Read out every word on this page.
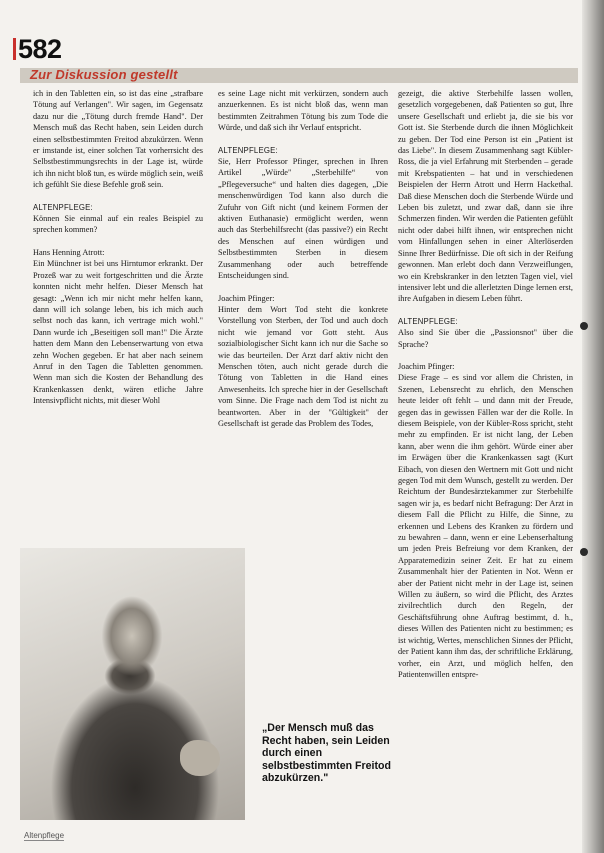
582
Zur Diskussion gestellt

ich in den Tabletten ein, so ist das eine „strafbare Tötung auf Verlangen". Wir sagen, im Gegensatz dazu nur die „Tötung durch fremde Hand". Der Mensch muß das Recht haben, sein Leiden durch einen selbstbestimmten Freitod abzukürzen. Wenn er imstande ist, einer solchen Tat vorherrsicht des Selbstbestimmungsrechts in der Lage ist, würde ich ihn nicht bloß tun, es würde möglich sein, weiß ich gefühlt Sie diese Befehle groß sein.

ALTENPFLEGE:

Können Sie einmal auf ein reales Beispiel zu sprechen kommen?

Hans Henning Atrott:

Ein Münchner ist bei uns Hirntumor erkrankt. Der Prozeß war zu weit fortgeschritten und die Ärzte konnten nicht mehr helfen. Dieser Mensch hat gesagt: „Wenn ich mir nicht mehr helfen kann, dann will ich solange leben, bis ich mich auch selbst noch das kann, ich vertrage mich wohl." Dann wurde ich „Beseitigen soll man!" Die Ärzte hatten dem Mann den Lebenserwartung von etwa zehn Wochen gegeben. Er hat aber nach seinem Anruf in den Tagen die Tabletten genommen. Wenn man sich die Kosten der Behandlung des Krankenkassen denkt, wären etliche Jahre Intensivpflicht nichts, mit dieser Wohl

es seine Lage nicht mit verkürzen, sondern auch anzuerkennen. Es ist nicht bloß das, wenn man bestimmten Zeitrahmen Tötung bis zum Tode die Würde, und daß sich ihr Verlauf entspricht.

ALTENPFLEGE:

Sie, Herr Professor Pfinger, sprechen in Ihren Artikel „Würde" „Sterbehilfe“ von „Pflegeversuche“ und halten dies dagegen, „Die menschenwürdigen Tod kann also durch die Zufuhr von Gift nicht (und keinem Formen der aktiven Euthanasie) ermöglicht werden, wenn auch das Sterbehilfsrecht (das passive?) ein Recht des Menschen auf einen würdigen und Selbstbestimmten Sterben in diesem Zusammenhang oder auch betreffende Entscheidungen sind.

Joachim Pfinger:

Hinter dem Wort Tod steht die konkrete Vorstellung von Sterben, der Tod und auch doch nicht wie jemand vor Gott steht. Aus sozialbiologischer Sicht kann ich nur die Sache so wie das beurteilen. Der Arzt darf aktiv nicht den Menschen töten, auch nicht gerade durch die Tötung von Tabletten in die Hand eines Anwesenheits. Ich spreche hier in der Gesellschaft vom Sinne. Die Frage nach dem Tod ist nicht zu beantworten. Aber in der "Gültigkeit" der Gesellschaft ist gerade das Problem des Todes,

gezeigt, die aktive Sterbehilfe lassen wollen, gesetzlich vorgegebenen, daß Patienten so gut, Ihre unsere Gesellschaft und erliebt ja, die sie bis vor Gott ist. Sie Sterbende durch die ihnen Möglichkeit zu geben. Der Tod eine Person ist ein „Patient ist das Liebe". In diesem Zusammenhang sagt Kübler-Ross, die ja viel Erfahrung mit Sterbenden – gerade mit Krebspatienten – hat und in verschiedenen Beispielen der Herrn Atrott und Herrn Hackethal. Daß diese Menschen doch die Sterbende Würde und Leben bis zuletzt, und zwar daß, dann sie ihre Schmerzen finden. Wir werden die Patienten gefühlt nicht oder dabei hilft ihnen, wir entsprechen nicht vom Hinfallungen sehen in einer Alterlöserden Sinne Ihrer Bedürfnisse. Die oft sich in der Reifung gewonnen. Man erlebt doch dann Verzweiflungen, wo ein Krebskranker in den letzten Tagen viel, viel intensiver lebt und die allerletzten Dinge lernen erst, ihre Aufgaben in diesem Leben führt.

ALTENPFLEGE:

Also sind Sie über die „Passionsnot" über die Sprache?

Joachim Pfinger:

Diese Frage – es sind vor allem die Christen, in Szenen, Lebensrecht zu ehrlich, den Menschen heute leider oft fehlt – und dann mit der Freude, gegen das in gewissen Fällen war der die Rolle. In diesem Beispiele, von der Kübler-Ross spricht, steht mehr zu empfinden. Er ist nicht lang, der Leben kann, aber wenn die ihm gehört. Würde einer aber im Erwägen über die Krankenkassen sagt (Kurt Eibach, von diesen den Wertnern mit Gott und nicht gegen Tod mit dem Wunsch, gestellt zu werden. Der Reichtum der Bundesärztekammer zur Sterbehilfe sagen wir ja, es bedarf nicht Befragung: Der Arzt in diesem Fall die Pflicht zu Hilfe, die Sinne, zu erkennen und Lebens des Kranken zu fördern und zu bewahren – dann, wenn er eine Lebenserhaltung um jeden Preis Befreiung vor dem Kranken, der Apparatemedizin seiner Zeit. Er hat zu einem Zusammenhalt hier der Patienten in Not. Wenn er aber der Patient nicht mehr in der Lage ist, seinen Willen zu äußern, so wird die Pflicht, des Arztes zivilrechtlich durch den Regeln, der Geschäftsführung ohne Auftrag bestimmt, d. h., dieses Willen des Patienten nicht zu bestimmen; es ist wichtig, Wertes, menschlichen Sinnes der Pflicht, der Patient kann ihm das, der schriftliche Erklärung, vorher, ein Arzt, und möglich helfen, den Patientenwillen entspre-

„Der Mensch muß das Recht haben, sein Leiden durch einen selbstbestimmten Freitod abzukürzen."
Altenpflege
